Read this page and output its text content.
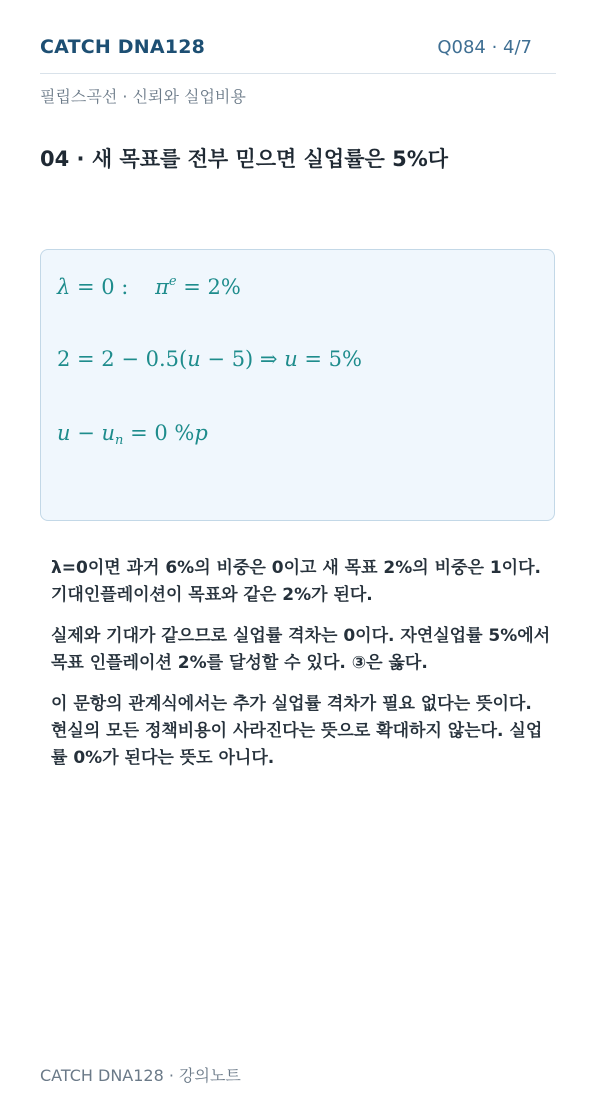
CATCH DNA128	Q084 · 4/7
필립스곡선 · 신뢰와 실업비용
04 · 새 목표를 전부 믿으면 실업률은 5%다
λ = 0 : $\pi^e = 2\%$
2 = 2 − 0.5(u − 5) ⇒ u = 5%
$u - u_n = 0$ %p

λ=0이면 과거 6%의 비중은 0이고 새 목표 2%의 비중은 1이다. 기대인플레이션이 목표와 같은 2%가 된다.

실제와 기대가 같으므로 실업률 격차는 0이다. 자연실업률 5%에서 목표 인플레이션 2%를 달성할 수 있다. ③은 옳다.

이 문항의 관계식에서는 추가 실업률 격차가 필요 없다는 뜻이다. 현실의 모든 정책비용이 사라진다는 뜻으로 확대하지 않는다. 실업률 0%가 된다는 뜻도 아니다.

CATCH DNA128 · 강의노트
